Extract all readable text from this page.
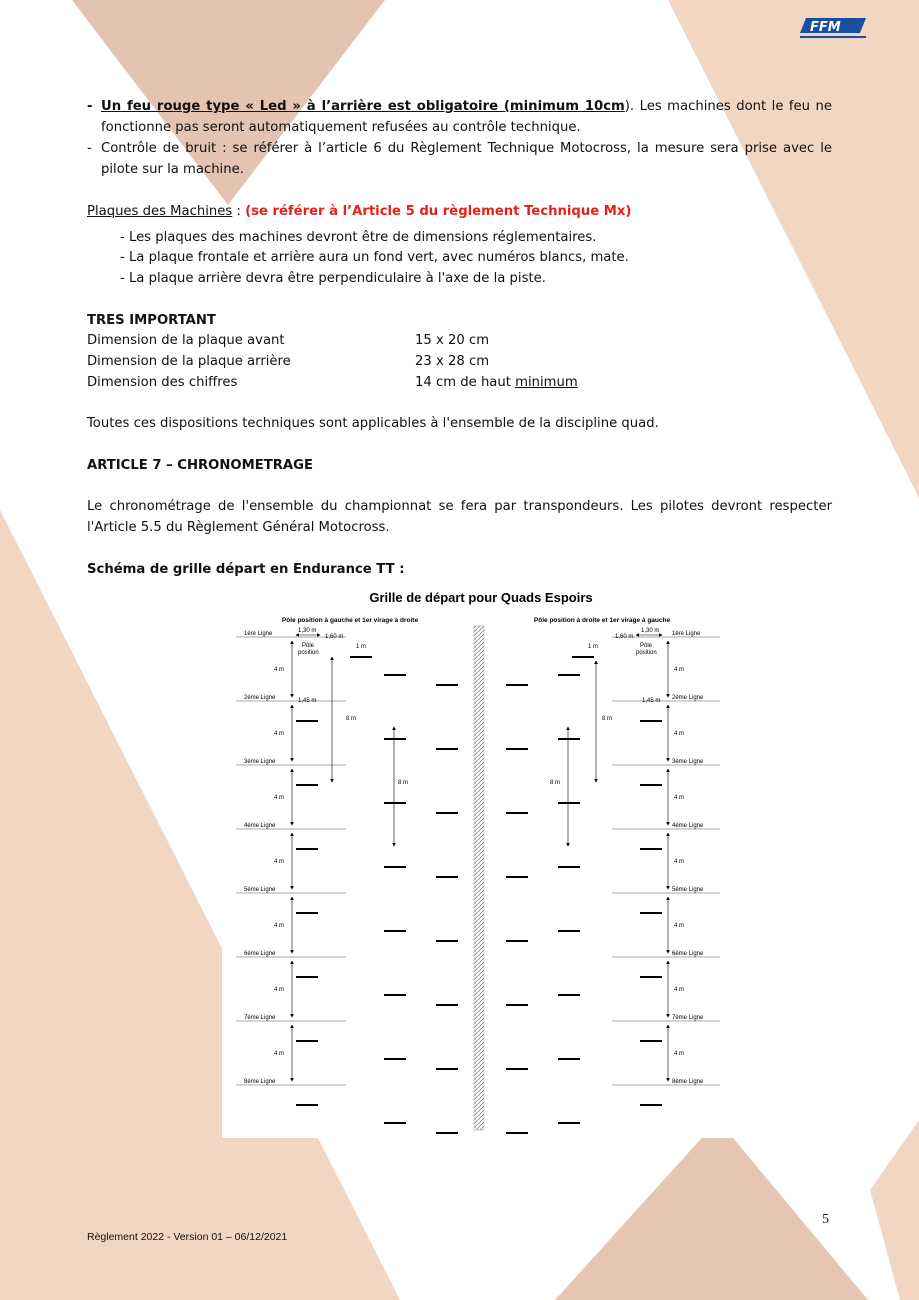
FFM
- Un feu rouge type « Led » à l’arrière est obligatoire (minimum 10cm). Les machines dont le feu ne fonctionne pas seront automatiquement refusées au contrôle technique.
- Contrôle de bruit : se référer à l’article 6 du Règlement Technique Motocross, la mesure sera prise avec le pilote sur la machine.
Plaques des Machines : (se référer à l’Article 5 du règlement Technique Mx)
- Les plaques des machines devront être de dimensions réglementaires.
- La plaque frontale et arrière aura un fond vert, avec numéros blancs, mate.
- La plaque arrière devra être perpendiculaire à l'axe de la piste.
TRES IMPORTANT
Dimension de la plaque avant	15 x 20 cm
Dimension de la plaque arrière	23 x 28 cm
Dimension des chiffres	14 cm de haut minimum
Toutes ces dispositions techniques sont applicables à l'ensemble de la discipline quad.
ARTICLE 7 – CHRONOMETRAGE
Le chronométrage de l'ensemble du championnat se fera par transpondeurs. Les pilotes devront respecter l'Article 5.5 du Règlement Général Motocross.
Schéma de grille départ en Endurance TT :
Grille de départ pour Quads Espoirs
Pôle position à gauche et 1er virage à droite	Pôle position à droite et 1er virage à gauche
1ère Ligne	1ère Ligne
4 m	4 m
2ème Ligne	2ème Ligne
4 m	4 m
3ème Ligne	3ème Ligne
4 m	4 m
4ème Ligne	4ème Ligne
4 m	4 m
5ème Ligne	5ème Ligne
4 m	4 m
6ème Ligne	6ème Ligne
4 m	4 m
7ème Ligne	7ème Ligne
4 m	4 m
8ème Ligne	8ème Ligne
8 m
8 m
8 m
8 m
1,30 m
1,60 m
Pôle
position
1 m
1,45 m
1,30 m
1,60 m
Pôle
position
1 m
1,45 m
Règlement 2022 - Version 01 – 06/12/2021
5
